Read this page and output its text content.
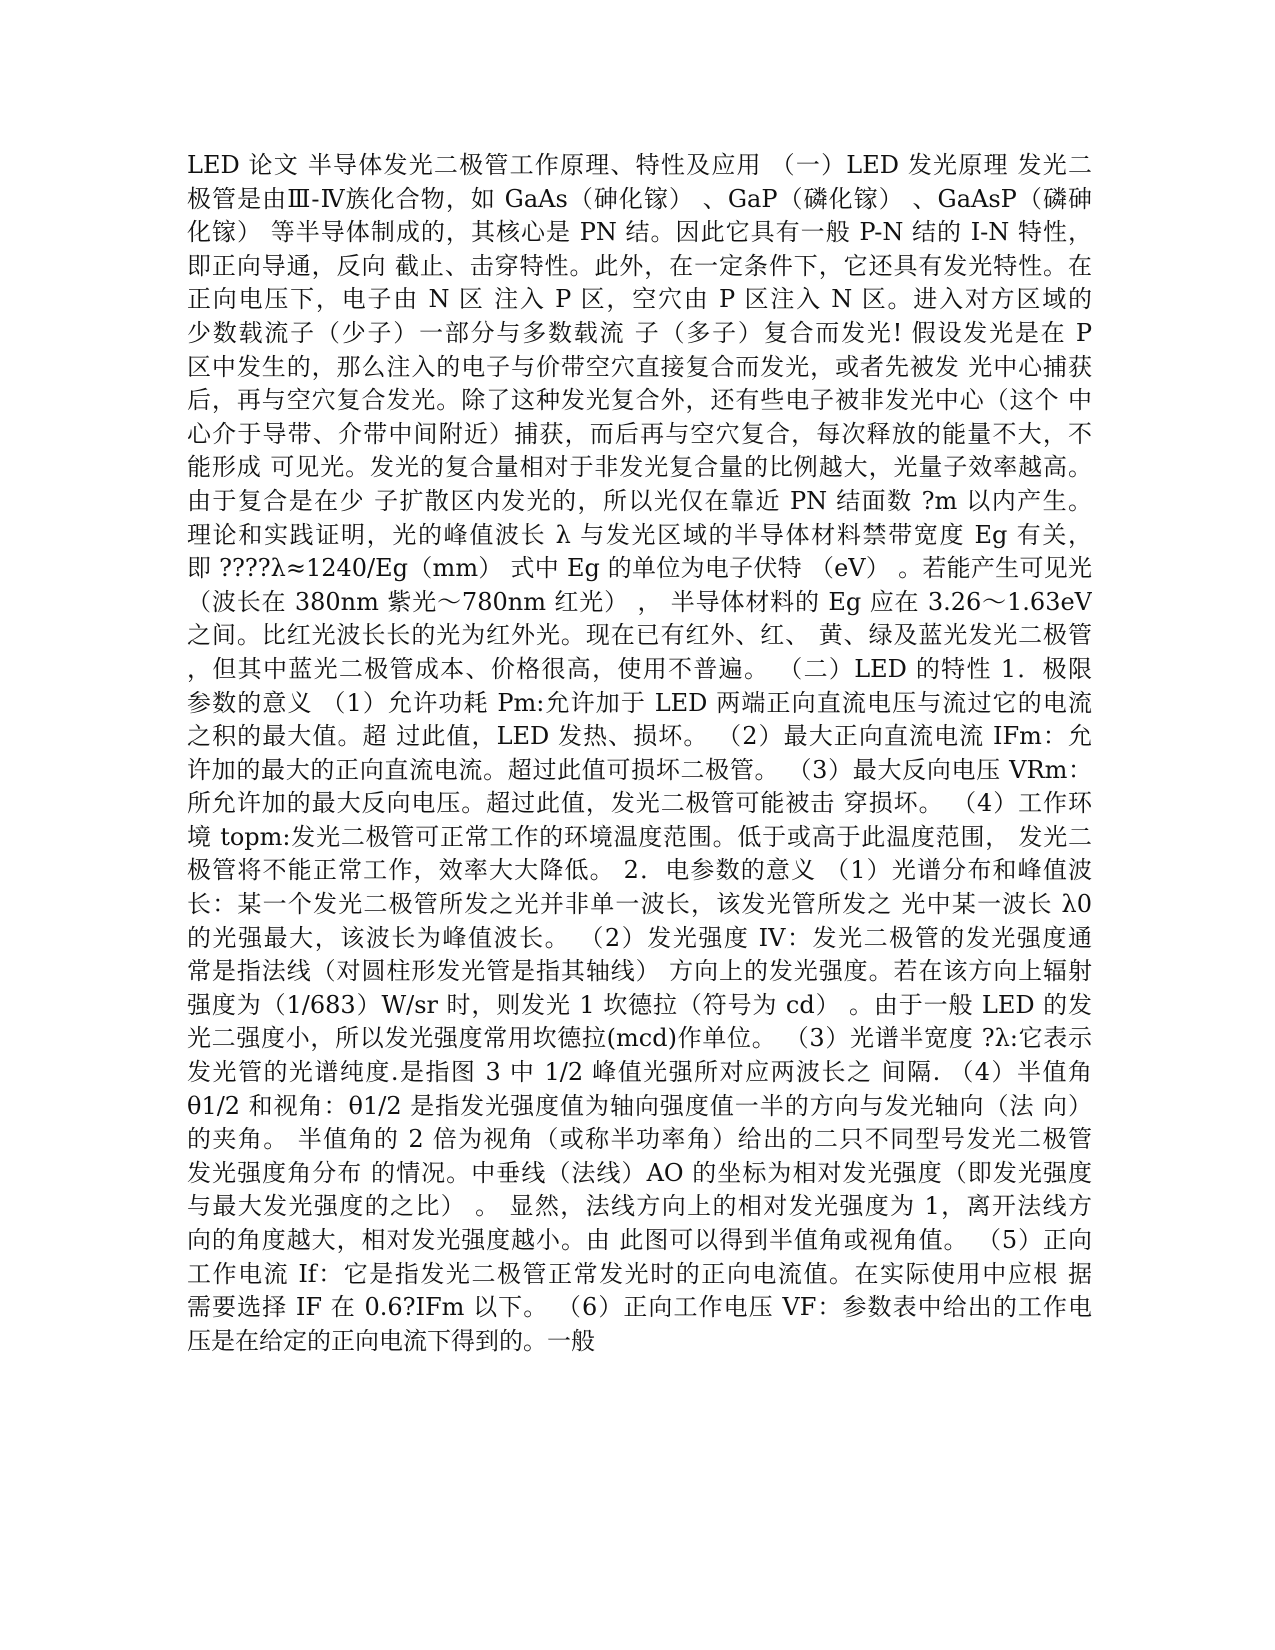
LED 论文 半导体发光二极管工作原理、特性及应用 （一）LED 发光原理 发光二
极管是由Ⅲ-Ⅳ族化合物，如 GaAs（砷化镓） 、GaP（磷化镓） 、GaAsP（磷砷
化镓） 等半导体制成的，其核心是 PN 结。因此它具有一般 P-N 结的 I-N 特性，
即正向导通，反向 截止、击穿特性。此外，在一定条件下，它还具有发光特性。在
正向电压下，电子由 N 区 注入 P 区，空穴由 P 区注入 N 区。进入对方区域的
少数载流子（少子）一部分与多数载流 子（多子）复合而发光! 假设发光是在 P
区中发生的，那么注入的电子与价带空穴直接复合而发光，或者先被发 光中心捕获
后，再与空穴复合发光。除了这种发光复合外，还有些电子被非发光中心（这个 中
心介于导带、介带中间附近）捕获，而后再与空穴复合，每次释放的能量不大，不
能形成 可见光。发光的复合量相对于非发光复合量的比例越大，光量子效率越高。
由于复合是在少 子扩散区内发光的，所以光仅在靠近 PN 结面数 ?m 以内产生。
理论和实践证明，光的峰值波长 λ 与发光区域的半导体材料禁带宽度 Eg 有关，
即 ????λ≈1240/Eg（mm） 式中 Eg 的单位为电子伏特 （eV） 。若能产生可见光
（波长在 380nm 紫光～780nm 红光） ， 半导体材料的 Eg 应在 3.26～1.63eV
之间。比红光波长长的光为红外光。现在已有红外、红、 黄、绿及蓝光发光二极管
，但其中蓝光二极管成本、价格很高，使用不普遍。 （二）LED 的特性 1．极限
参数的意义 （1）允许功耗 Pm:允许加于 LED 两端正向直流电压与流过它的电流
之积的最大值。超 过此值，LED 发热、损坏。 （2）最大正向直流电流 IFm：允
许加的最大的正向直流电流。超过此值可损坏二极管。 （3）最大反向电压 VRm：
所允许加的最大反向电压。超过此值，发光二极管可能被击 穿损坏。 （4）工作环
境 topm:发光二极管可正常工作的环境温度范围。低于或高于此温度范围， 发光二
极管将不能正常工作，效率大大降低。 2．电参数的意义 （1）光谱分布和峰值波
长：某一个发光二极管所发之光并非单一波长，该发光管所发之 光中某一波长 λ0
的光强最大，该波长为峰值波长。 （2）发光强度 IV：发光二极管的发光强度通
常是指法线（对圆柱形发光管是指其轴线） 方向上的发光强度。若在该方向上辐射
强度为（1/683）W/sr 时，则发光 1 坎德拉（符号为 cd） 。由于一般 LED 的发
光二强度小，所以发光强度常用坎德拉(mcd)作单位。 （3）光谱半宽度 ?λ:它表示
发光管的光谱纯度.是指图 3 中 1/2 峰值光强所对应两波长之 间隔. （4）半值角
θ1/2 和视角：θ1/2 是指发光强度值为轴向强度值一半的方向与发光轴向（法 向）
的夹角。 半值角的 2 倍为视角（或称半功率角）给出的二只不同型号发光二极管
发光强度角分布 的情况。中垂线（法线）AO 的坐标为相对发光强度（即发光强度
与最大发光强度的之比） 。 显然，法线方向上的相对发光强度为 1，离开法线方
向的角度越大，相对发光强度越小。由 此图可以得到半值角或视角值。 （5）正向
工作电流 If：它是指发光二极管正常发光时的正向电流值。在实际使用中应根 据
需要选择 IF 在 0.6?IFm 以下。 （6）正向工作电压 VF：参数表中给出的工作电
压是在给定的正向电流下得到的。一般
